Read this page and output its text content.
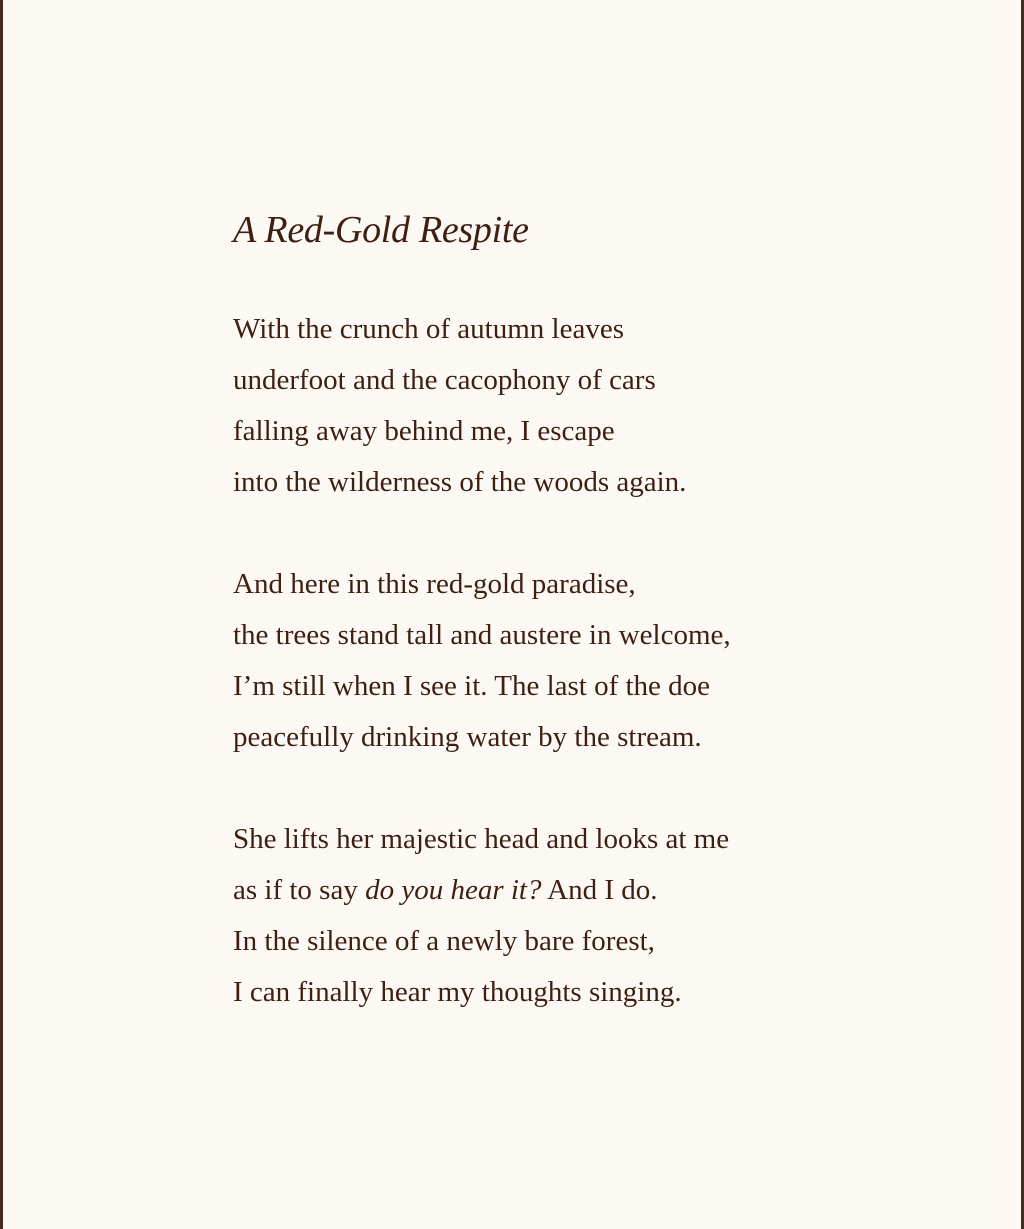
A Red-Gold Respite

With the crunch of autumn leaves
underfoot and the cacophony of cars
falling away behind me, I escape
into the wilderness of the woods again.

And here in this red-gold paradise,
the trees stand tall and austere in welcome,
I’m still when I see it. The last of the doe
peacefully drinking water by the stream.

She lifts her majestic head and looks at me
as if to say do you hear it? And I do.
In the silence of a newly bare forest,
I can finally hear my thoughts singing.
